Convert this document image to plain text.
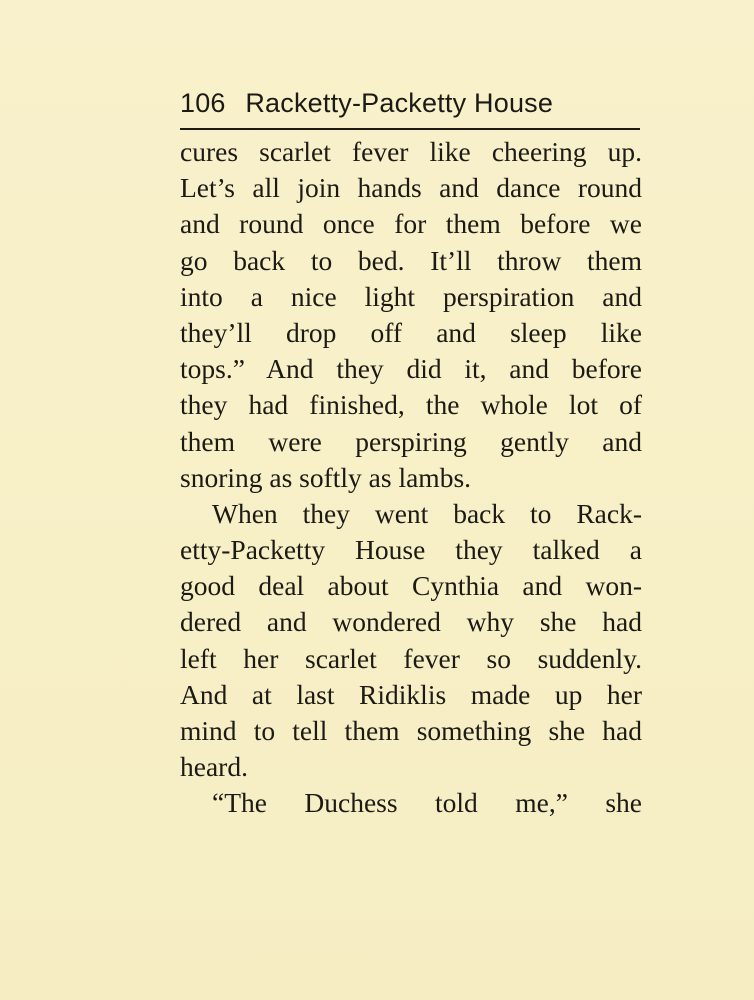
106 Racketty-Packetty House
cures scarlet fever like cheering up.
Let’s all join hands and dance round
and round once for them before we
go back to bed. It’ll throw them
into a nice light perspiration and
they’ll drop off and sleep like
tops.” And they did it, and before
they had finished, the whole lot of
them were perspiring gently and
snoring as softly as lambs.
When they went back to Rack-
etty-Packetty House they talked a
good deal about Cynthia and won-
dered and wondered why she had
left her scarlet fever so suddenly.
And at last Ridiklis made up her
mind to tell them something she had
heard.
“The Duchess told me,” she
